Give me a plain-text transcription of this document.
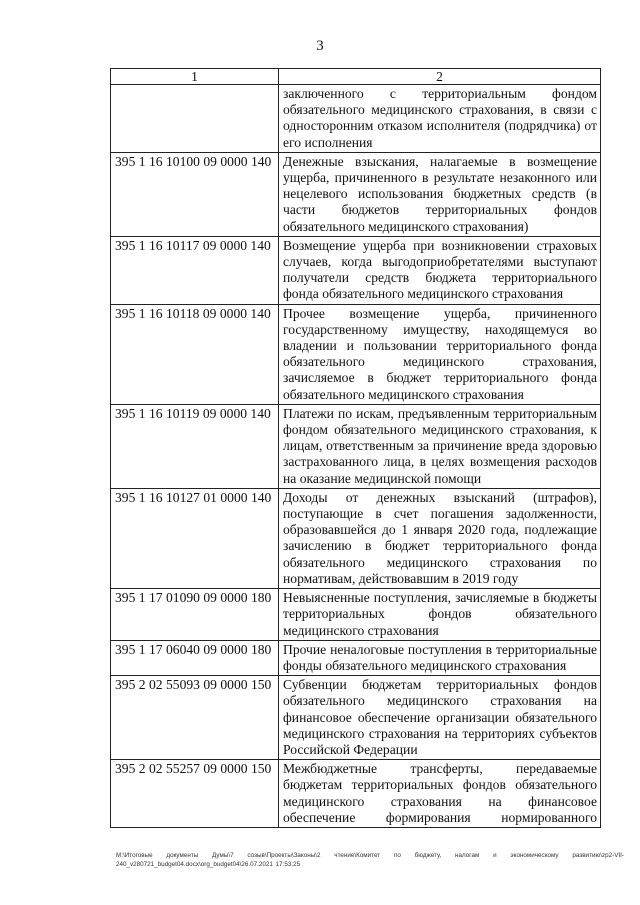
3
1	2
	заключенного с территориальным фондом обязательного медицинского страхования, в связи с односторонним отказом исполнителя (подрядчика) от его исполнения
395 1 16 10100 09 0000 140	Денежные взыскания, налагаемые в возмещение ущерба, причиненного в результате незаконного или нецелевого использования бюджетных средств (в части бюджетов территориальных фондов обязательного медицинского страхования)
395 1 16 10117 09 0000 140	Возмещение ущерба при возникновении страховых случаев, когда выгодоприобретателями выступают получатели средств бюджета территориального фонда обязательного медицинского страхования
395 1 16 10118 09 0000 140	Прочее возмещение ущерба, причиненного государственному имуществу, находящемуся во владении и пользовании территориального фонда обязательного медицинского страхования, зачисляемое в бюджет территориального фонда обязательного медицинского страхования
395 1 16 10119 09 0000 140	Платежи по искам, предъявленным территориальным фондом обязательного медицинского страхования, к лицам, ответственным за причинение вреда здоровью застрахованного лица, в целях возмещения расходов на оказание медицинской помощи
395 1 16 10127 01 0000 140	Доходы от денежных взысканий (штрафов), поступающие в счет погашения задолженности, образовавшейся до 1 января 2020 года, подлежащие зачислению в бюджет территориального фонда обязательного медицинского страхования по нормативам, действовавшим в 2019 году
395 1 17 01090 09 0000 180	Невыясненные поступления, зачисляемые в бюджеты территориальных фондов обязательного медицинского страхования
395 1 17 06040 09 0000 180	Прочие неналоговые поступления в территориальные фонды обязательного медицинского страхования
395 2 02 55093 09 0000 150	Субвенции бюджетам территориальных фондов обязательного медицинского страхования на финансовое обеспечение организации обязательного медицинского страхования на территориях субъектов Российской Федерации
395 2 02 55257 09 0000 150	Межбюджетные трансферты, передаваемые бюджетам территориальных фондов обязательного медицинского страхования на финансовое обеспечение формирования нормированного
M:\Итоговые документы Думы\7 созыв\Проекты\Законы\2 чтение\Комитет по бюджету, налогам и экономическому развитию\zp2-VII-240_v280721_budget04.docx\org_budget04\26.07.2021 17:53:25
